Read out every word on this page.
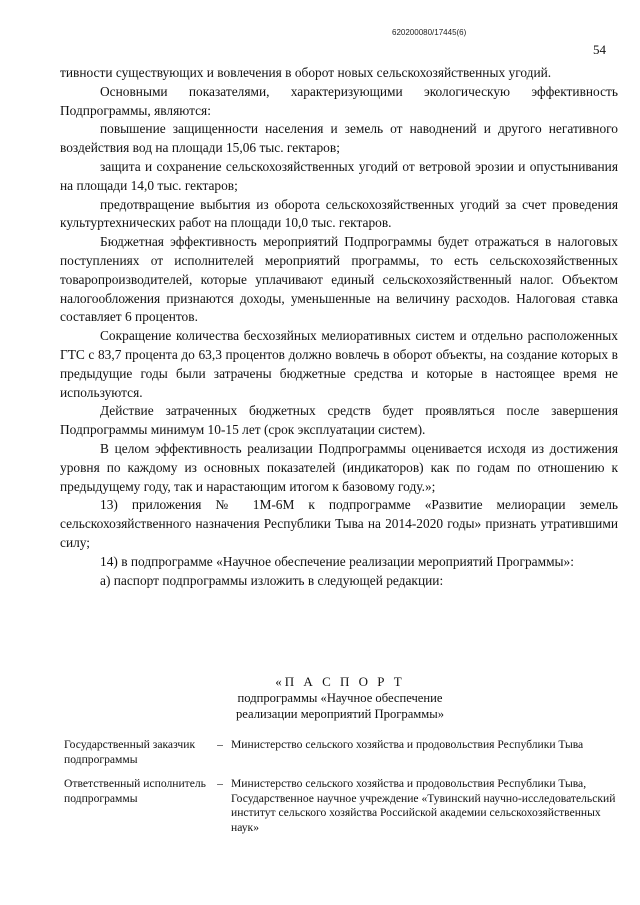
620200080/17445(6)
54

тивности существующих и вовлечения в оборот новых сельскохозяйственных угодий.

Основными показателями, характеризующими экологическую эффективность Подпрограммы, являются:

повышение защищенности населения и земель от наводнений и другого негативного воздействия вод на площади 15,06 тыс. гектаров;

защита и сохранение сельскохозяйственных угодий от ветровой эрозии и опустынивания на площади 14,0 тыс. гектаров;

предотвращение выбытия из оборота сельскохозяйственных угодий за счет проведения культуртехнических работ на площади 10,0 тыс. гектаров.

Бюджетная эффективность мероприятий Подпрограммы будет отражаться в налоговых поступлениях от исполнителей мероприятий программы, то есть сельскохозяйственных товаропроизводителей, которые уплачивают единый сельскохозяйственный налог. Объектом налогообложения признаются доходы, уменьшенные на величину расходов. Налоговая ставка составляет 6 процентов.

Сокращение количества бесхозяйных мелиоративных систем и отдельно расположенных ГТС с 83,7 процента до 63,3 процентов должно вовлечь в оборот объекты, на создание которых в предыдущие годы были затрачены бюджетные средства и которые в настоящее время не используются.

Действие затраченных бюджетных средств будет проявляться после завершения Подпрограммы минимум 10-15 лет (срок эксплуатации систем).

В целом эффективность реализации Подпрограммы оценивается исходя из достижения уровня по каждому из основных показателей (индикаторов) как по годам по отношению к предыдущему году, так и нарастающим итогом к базовому году.»;

13) приложения № 1М-6М к подпрограмме «Развитие мелиорации земель сельскохозяйственного назначения Республики Тыва на 2014-2020 годы» признать утратившими силу;

14) в подпрограмме «Научное обеспечение реализации мероприятий Программы»:

а) паспорт подпрограммы изложить в следующей редакции:

«П А С П О Р Т
подпрограммы «Научное обеспечение
реализации мероприятий Программы»
Государственный заказчик подпрограммы
– Министерство сельского хозяйства и продовольствия Республики Тыва
Ответственный исполнитель подпрограммы
– Министерство сельского хозяйства и продовольствия Республики Тыва, Государственное научное учреждение «Тувинский научно-исследовательский институт сельского хозяйства Российской академии сельскохозяйственных наук»
